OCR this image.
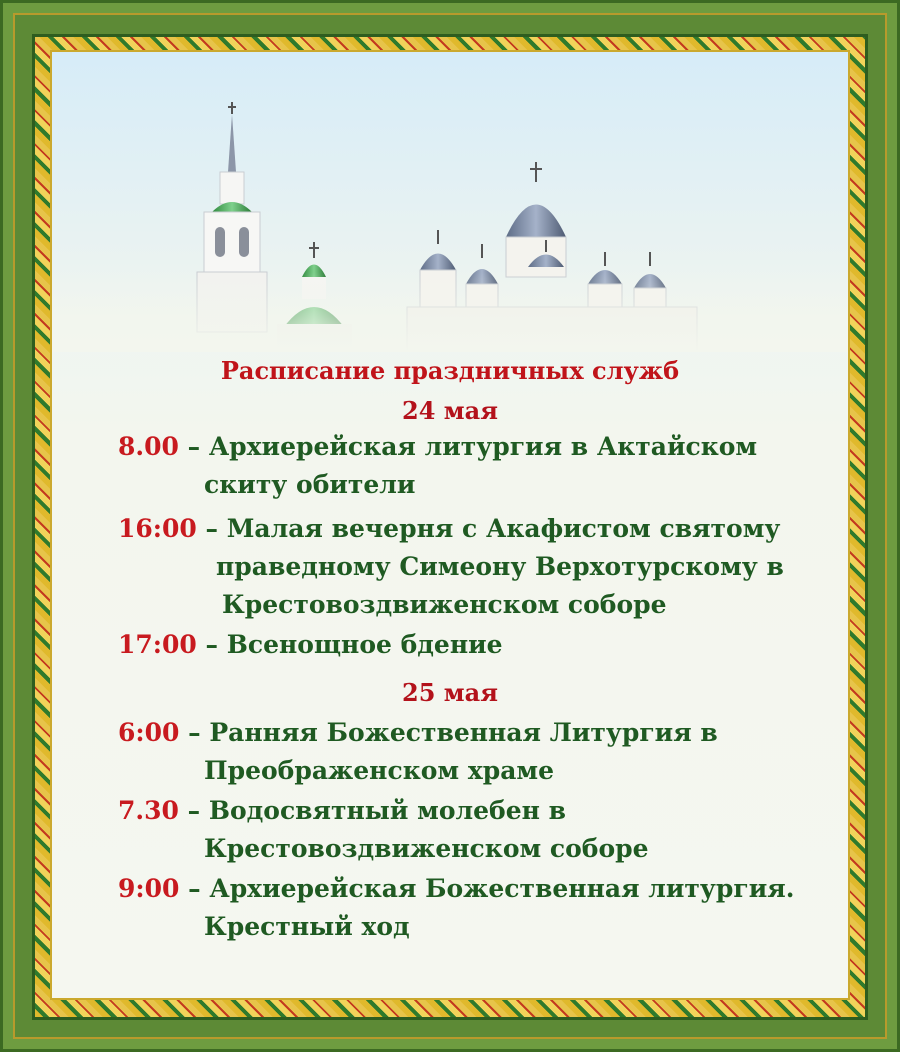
Расписание праздничных служб
24 мая
8.00 – Архиерейская литургия в Актайском
скиту обители
16:00 – Малая вечерня с Акафистом святому
праведному Симеону Верхотурскому в
Крестовоздвиженском соборе
17:00 – Всенощное бдение
25 мая
6:00 – Ранняя Божественная Литургия в
Преображенском храме
7.30 – Водосвятный молебен в
Крестовоздвиженском соборе
9:00 – Архиерейская Божественная литургия.
Крестный ход
